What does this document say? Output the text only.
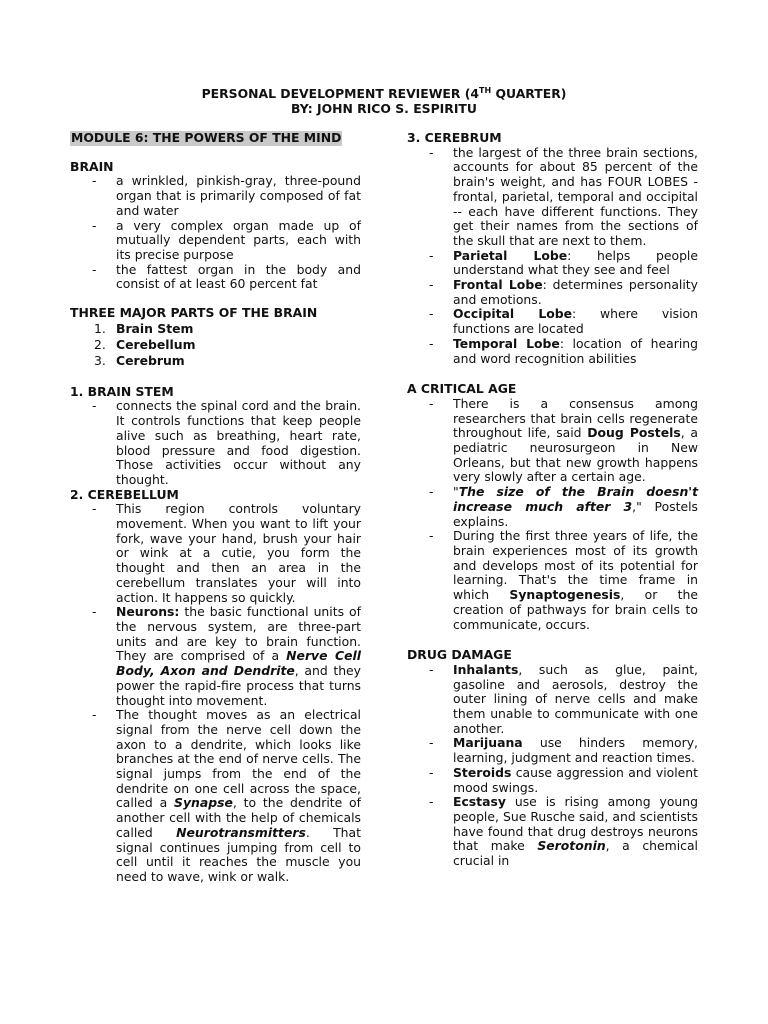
PERSONAL DEVELOPMENT REVIEWER (4TH QUARTER)
BY: JOHN RICO S. ESPIRITU
MODULE 6: THE POWERS OF THE MIND
BRAIN
- a wrinkled, pinkish-gray, three-pound organ that is primarily composed of fat and water
- a very complex organ made up of mutually dependent parts, each with its precise purpose
- the fattest organ in the body and consist of at least 60 percent fat
THREE MAJOR PARTS OF THE BRAIN
1. Brain Stem
2. Cerebellum
3. Cerebrum
1. BRAIN STEM
- connects the spinal cord and the brain. It controls functions that keep people alive such as breathing, heart rate, blood pressure and food digestion. Those activities occur without any thought.
2. CEREBELLUM
- This region controls voluntary movement. When you want to lift your fork, wave your hand, brush your hair or wink at a cutie, you form the thought and then an area in the cerebellum translates your will into action. It happens so quickly.
- Neurons: the basic functional units of the nervous system, are three-part units and are key to brain function. They are comprised of a Nerve Cell Body, Axon and Dendrite, and they power the rapid-fire process that turns thought into movement.
- The thought moves as an electrical signal from the nerve cell down the axon to a dendrite, which looks like branches at the end of nerve cells. The signal jumps from the end of the dendrite on one cell across the space, called a Synapse, to the dendrite of another cell with the help of chemicals called Neurotransmitters. That signal continues jumping from cell to cell until it reaches the muscle you need to wave, wink or walk.
3. CEREBRUM
- the largest of the three brain sections, accounts for about 85 percent of the brain's weight, and has FOUR LOBES - frontal, parietal, temporal and occipital -- each have different functions. They get their names from the sections of the skull that are next to them.
- Parietal Lobe: helps people understand what they see and feel
- Frontal Lobe: determines personality and emotions.
- Occipital Lobe: where vision functions are located
- Temporal Lobe: location of hearing and word recognition abilities
A CRITICAL AGE
- There is a consensus among researchers that brain cells regenerate throughout life, said Doug Postels, a pediatric neurosurgeon in New Orleans, but that new growth happens very slowly after a certain age.
- "The size of the Brain doesn't increase much after 3," Postels explains.
- During the first three years of life, the brain experiences most of its growth and develops most of its potential for learning. That's the time frame in which Synaptogenesis, or the creation of pathways for brain cells to communicate, occurs.
DRUG DAMAGE
- Inhalants, such as glue, paint, gasoline and aerosols, destroy the outer lining of nerve cells and make them unable to communicate with one another.
- Marijuana use hinders memory, learning, judgment and reaction times.
- Steroids cause aggression and violent mood swings.
- Ecstasy use is rising among young people, Sue Rusche said, and scientists have found that drug destroys neurons that make Serotonin, a chemical crucial in
